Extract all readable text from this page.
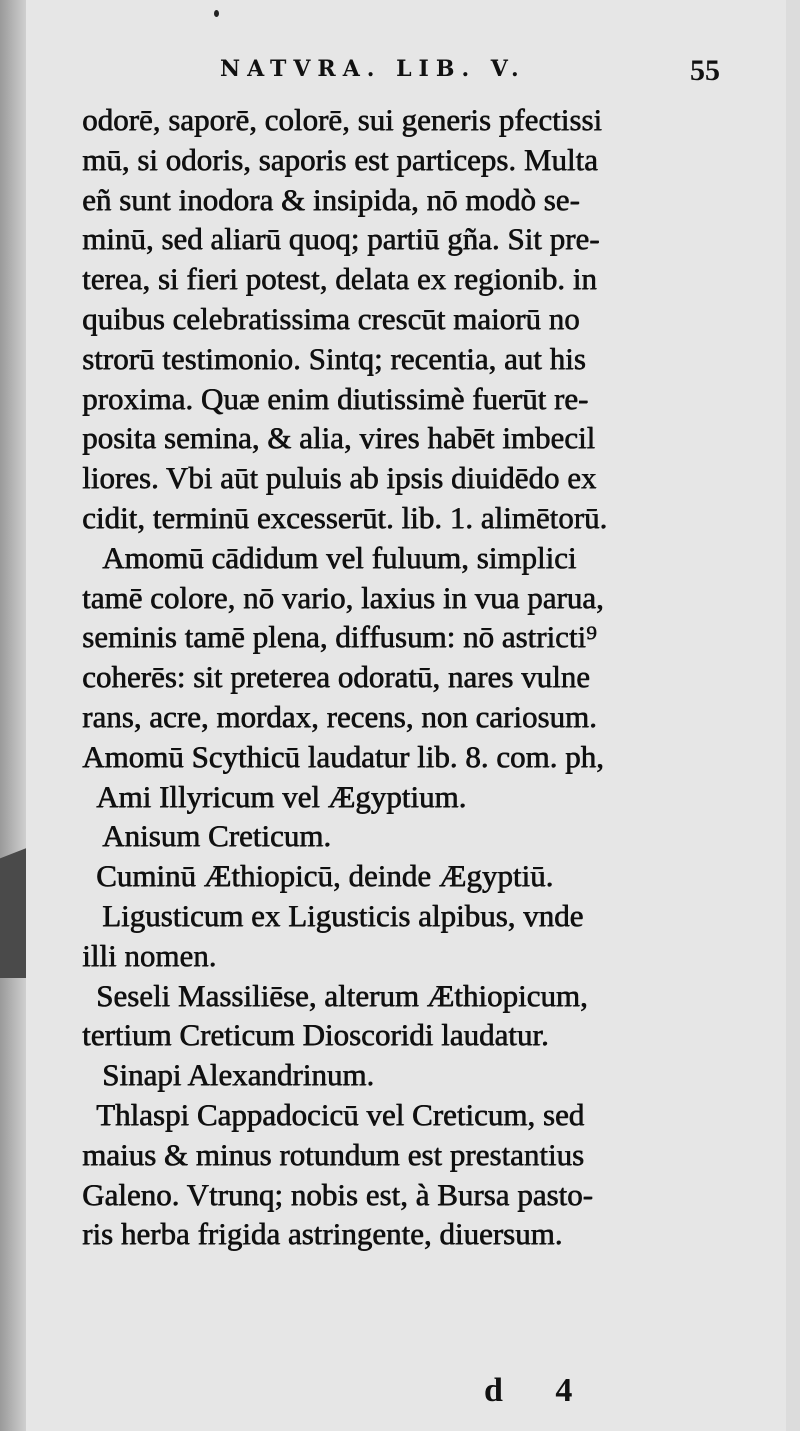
NATVRA. LIB. V.	55
odorē, saporē, colorē, sui generis pfectissi
mū, si odoris, saporis est particeps. Multa
eñ sunt inodora & insipida, nō modò se-
minū, sed aliarū quoq; partiū gña. Sit pre-
terea, si fieri potest, delata ex regionib. in
quibus celebratissima crescūt maiorū no
strorū testimonio. Sintq; recentia, aut his
proxima. Quæ enim diutissimè fuerūt re-
posita semina, & alia, vires habēt imbecil
liores. Vbi aūt puluis ab ipsis diuidēdo ex
cidit, terminū excesserūt. lib. 1. alimētorū.
Amomū cādidum vel fuluum, simplici
tamē colore, nō vario, laxius in vua parua,
seminis tamē plena, diffusum: nō astricti⁹
coherēs: sit preterea odoratū, nares vulne
rans, acre, mordax, recens, non cariosum.
Amomū Scythicū laudatur lib. 8. com. ph,
Ami Illyricum vel Ægyptium.
Anisum Creticum.
Cuminū Æthiopicū, deinde Ægyptiū.
Ligusticum ex Ligusticis alpibus, vnde
illi nomen.
Seseli Massiliēse, alterum Æthiopicum,
tertium Creticum Dioscoridi laudatur.
Sinapi Alexandrinum.
Thlaspi Cappadocicū vel Creticum, sed
maius & minus rotundum est prestantius
Galeno. Vtrunq; nobis est, à Bursa pasto-
ris herba frigida astringente, diuersum.
d 4
